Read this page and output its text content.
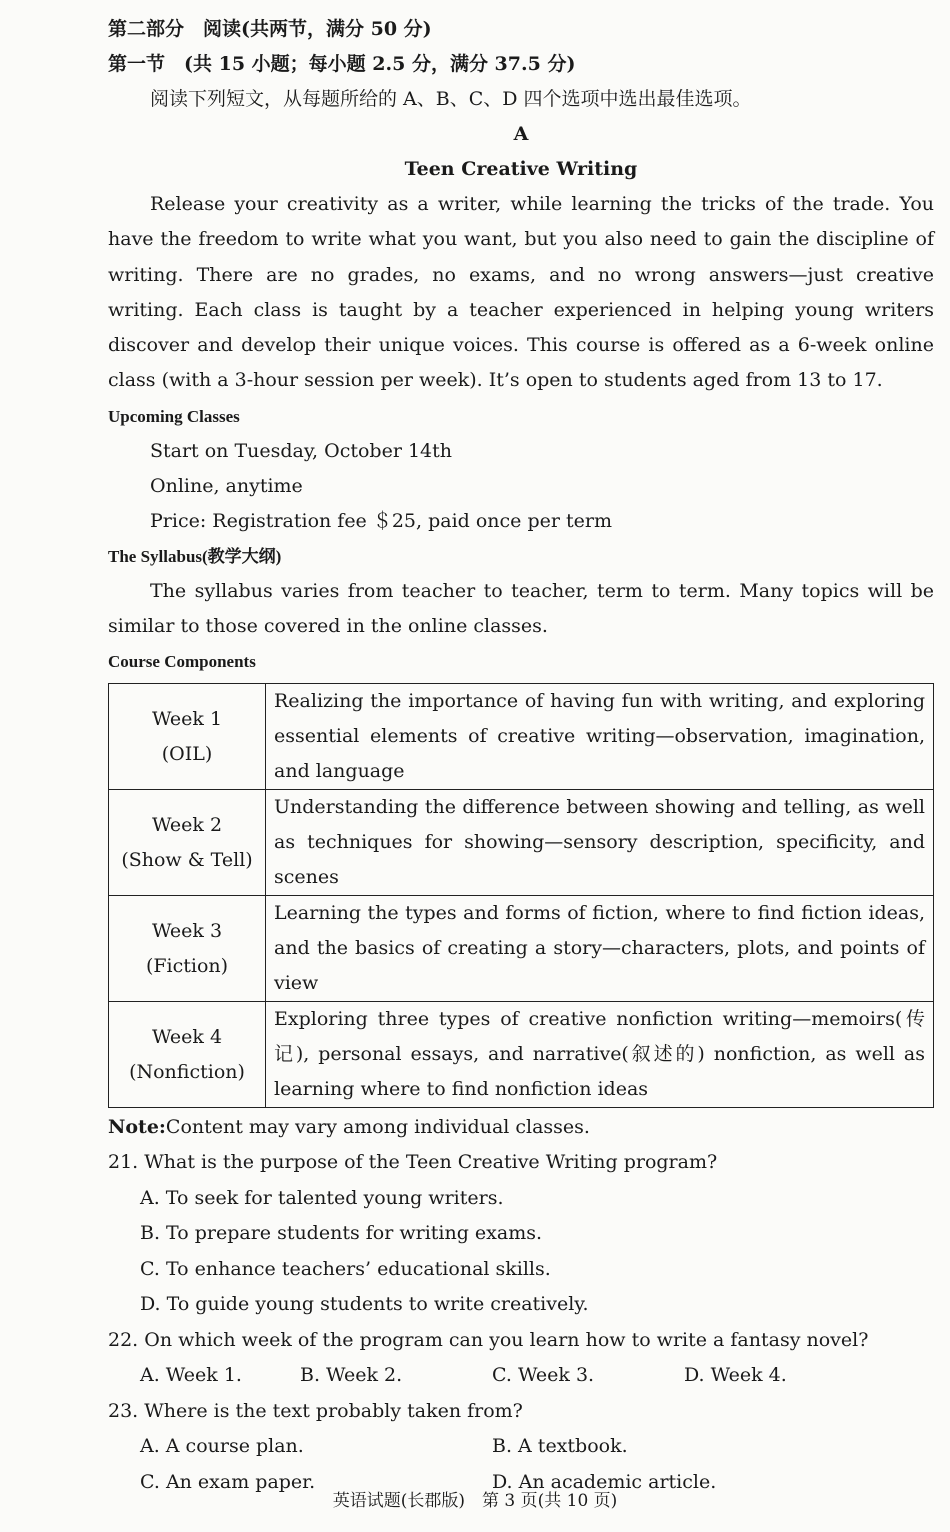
第二部分　阅读(共两节，满分 50 分)
第一节　(共 15 小题；每小题 2.5 分，满分 37.5 分)
阅读下列短文，从每题所给的 A、B、C、D 四个选项中选出最佳选项。
A
Teen Creative Writing

Release your creativity as a writer, while learning the tricks of the trade. You have the freedom to write what you want, but you also need to gain the discipline of writing. There are no grades, no exams, and no wrong answers—just creative writing. Each class is taught by a teacher experienced in helping young writers discover and develop their unique voices. This course is offered as a 6-week online class (with a 3-hour session per week). It’s open to students aged from 13 to 17.

Upcoming Classes
Start on Tuesday, October 14th
Online, anytime
Price: Registration fee ＄25, paid once per term
The Syllabus(教学大纲)

The syllabus varies from teacher to teacher, term to term. Many topics will be similar to those covered in the online classes.

Course Components
Week 1
(OIL)	Realizing the importance of having fun with writing, and exploring essential elements of creative writing—observation, imagination, and language

Week 2
(Show & Tell)	Understanding the difference between showing and telling, as well as techniques for showing—sensory description, specificity, and scenes

Week 3
(Fiction)	Learning the types and forms of fiction, where to find fiction ideas, and the basics of creating a story—characters, plots, and points of view

Week 4
(Nonfiction)	Exploring three types of creative nonfiction writing—memoirs(传记), personal essays, and narrative(叙述的) nonfiction, as well as learning where to find nonfiction ideas
Note:Content may vary among individual classes.
21. What is the purpose of the Teen Creative Writing program?
A. To seek for talented young writers.
B. To prepare students for writing exams.
C. To enhance teachers’ educational skills.
D. To guide young students to write creatively.
22. On which week of the program can you learn how to write a fantasy novel?
A. Week 1.	B. Week 2.	C. Week 3.	D. Week 4.
23. Where is the text probably taken from?
A. A course plan.	B. A textbook.
C. An exam paper.	D. An academic article.
英语试题(长郡版)　第 3 页(共 10 页)
